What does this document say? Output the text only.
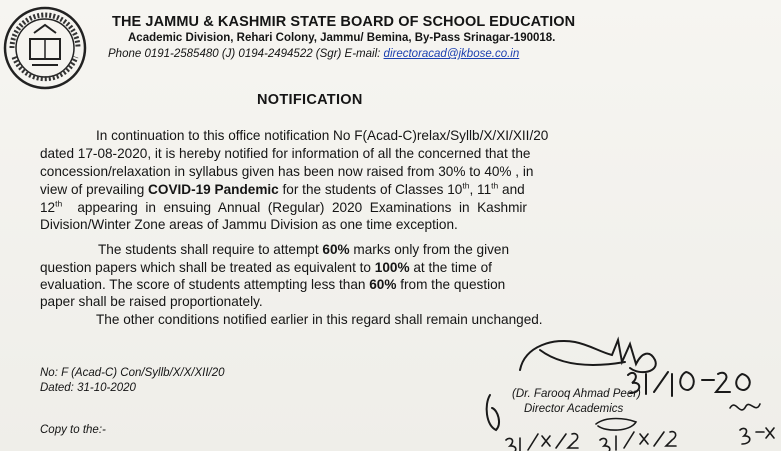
THE JAMMU & KASHMIR STATE BOARD OF SCHOOL EDUCATION
Academic Division, Rehari Colony, Jammu/ Bemina, By-Pass Srinagar-190018.
Phone 0191-2585480 (J) 0194-2494522 (Sgr) E-mail: directoracad@jkbose.co.in
NOTIFICATION
In continuation to this office notification No F(Acad-C)relax/Syllb/X/XI/XII/20
dated 17-08-2020, it is hereby notified for information of all the concerned that the
concession/relaxation in syllabus given has been now raised from 30% to 40% , in
view of prevailing COVID-19 Pandemic for the students of Classes 10th, 11th and
12th    appearing  in  ensuing  Annual  (Regular)  2020  Examinations  in  Kashmir
Division/Winter Zone areas of Jammu Division as one time exception.
The students shall require to attempt 60% marks only from the given
question papers which shall be treated as equivalent to 100% at the time of
evaluation. The score of students attempting less than 60% from the question
paper shall be raised proportionately.
The other conditions notified earlier in this regard shall remain unchanged.
No: F (Acad-C) Con/Syllb/X/X/XII/20
Dated: 31-10-2020
Copy to the:-
(Dr. Farooq Ahmad Peer)
Director Academics
